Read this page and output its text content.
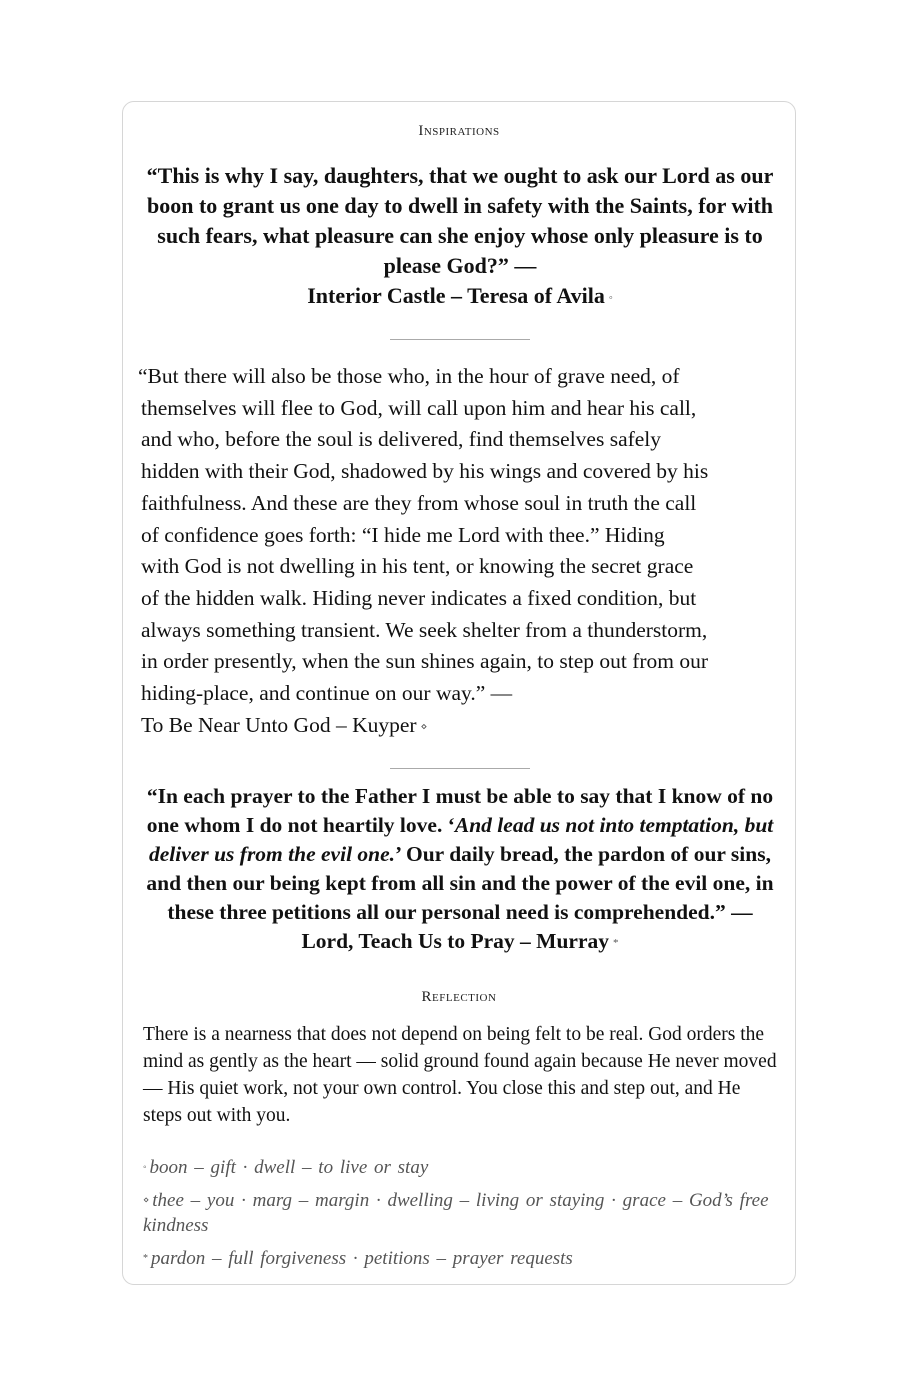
Inspirations
“This is why I say, daughters, that we ought to ask our Lord as our boon to grant us one day to dwell in safety with the Saints, for with such fears, what pleasure can she enjoy whose only pleasure is to please God?” —
Interior Castle – Teresa of Avila ◦
“But there will also be those who, in the hour of grave need, of
themselves will flee to God, will call upon him and hear his call,
and who, before the soul is delivered, find themselves safely
hidden with their God, shadowed by his wings and covered by his
faithfulness. And these are they from whose soul in truth the call
of confidence goes forth: “I hide me Lord with thee.” Hiding
with God is not dwelling in his tent, or knowing the secret grace
of the hidden walk. Hiding never indicates a fixed condition, but
always something transient. We seek shelter from a thunderstorm,
in order presently, when the sun shines again, to step out from our
hiding-place, and continue on our way.” —
To Be Near Unto God – Kuyper ⋄
“In each prayer to the Father I must be able to say that I know of no one whom I do not heartily love. ‘And lead us not into temptation, but deliver us from the evil one.’ Our daily bread, the pardon of our sins, and then our being kept from all sin and the power of the evil one, in these three petitions all our personal need is comprehended.” —
Lord, Teach Us to Pray – Murray *
Reflection
There is a nearness that does not depend on being felt to be real. God orders the mind as gently as the heart — solid ground found again because He never moved — His quiet work, not your own control. You close this and step out, and He steps out with you.
◦ boon – gift · dwell – to live or stay
⋄ thee – you · marg – margin · dwelling – living or staying · grace – God’s free kindness
* pardon – full forgiveness · petitions – prayer requests
